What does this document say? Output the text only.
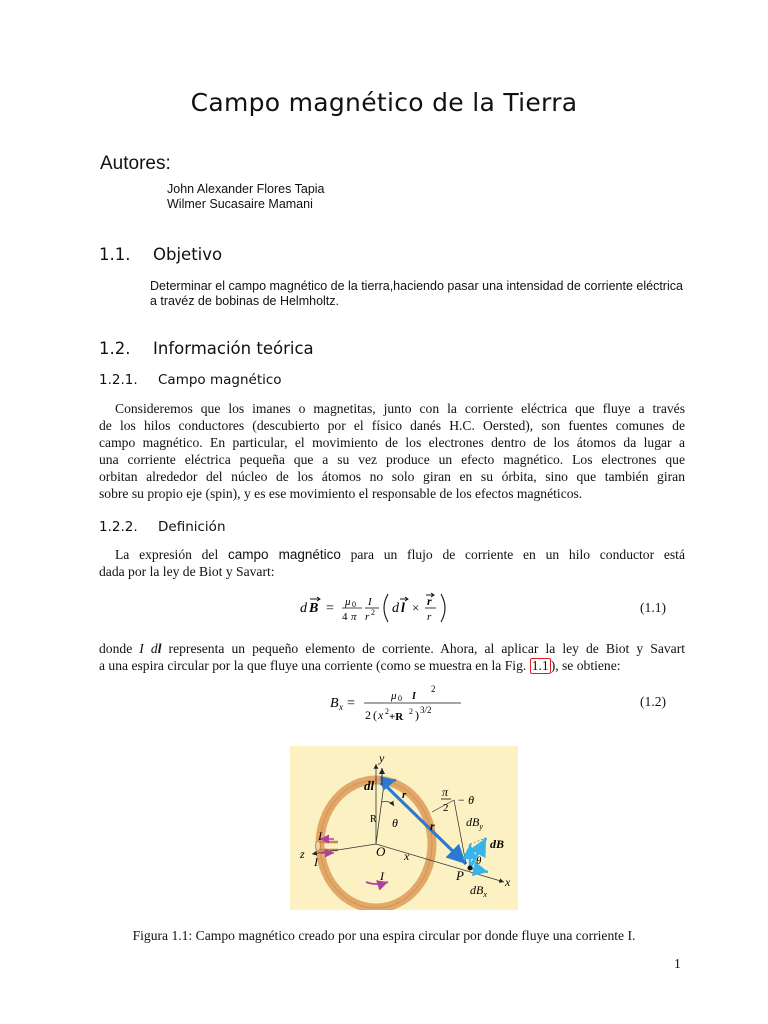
Campo magnético de la Tierra
Autores:
John Alexander Flores Tapia
Wilmer Sucasaire Mamani
1.1. Objetivo
Determinar el campo magnético de la tierra,haciendo pasar una intensidad de corriente eléctrica
a travéz de bobinas de Helmholtz.
1.2. Información teórica
1.2.1. Campo magnético
Consideremos que los imanes o magnetitas, junto con la corriente eléctrica que fluye a través
de los hilos conductores (descubierto por el físico danés H.C. Oersted), son fuentes comunes de
campo magnético. En particular, el movimiento de los electrones dentro de los átomos da lugar a
una corriente eléctrica pequeña que a su vez produce un efecto magnético. Los electrones que
orbitan alrededor del núcleo de los átomos no solo giran en su órbita, sino que también giran
sobre su propio eje (spin), y es ese movimiento el responsable de los efectos magnéticos.
1.2.2. Definición
La expresión del campo magnético para un flujo de corriente en un hilo conductor está
dada por la ley de Biot y Savart:
d B = μ 0
4 π
I
r 2 d l × r
r
(1.1)
donde I dl representa un pequeño elemento de corriente. Ahora, al aplicar la ley de Biot y Savart
a una espira circular por la que fluye una corriente (como se muestra en la Fig. 1.1 ), se obtiene:
B x =	μ 0 I
2
2 ( x 2 +R 2 ) 3/2
(1.2)
y
z
x
x
O
P
R
I
I
I
dl
r
r
θ
θ
π
2
− θ
$dB_y$
dB
$dB_x$
Figura 1.1: Campo magnético creado por una espira circular por donde fluye una corriente I.
1
